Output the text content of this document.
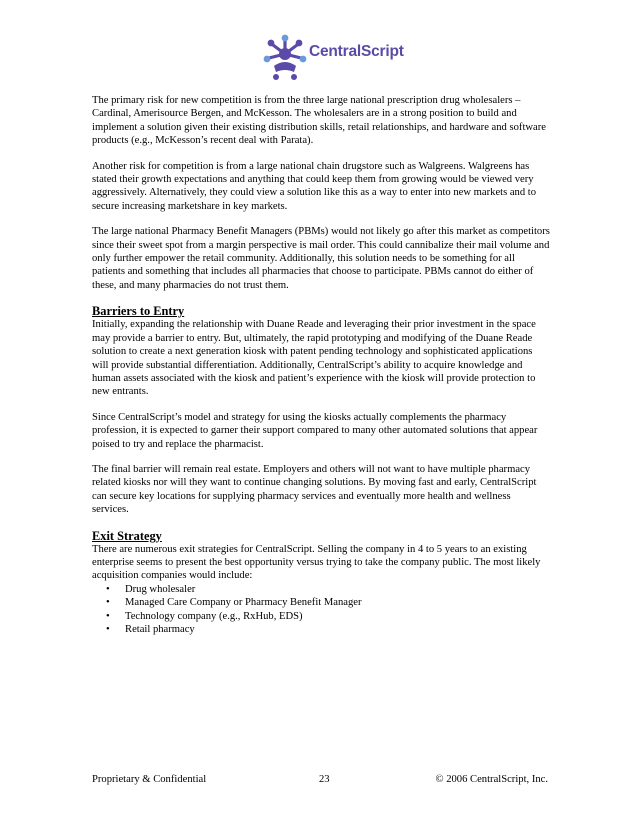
CentralScript

The primary risk for new competition is from the three large national prescription drug wholesalers – Cardinal, Amerisource Bergen, and McKesson. The wholesalers are in a strong position to build and implement a solution given their existing distribution skills, retail relationships, and hardware and software products (e.g., McKesson’s recent deal with Parata).

Another risk for competition is from a large national chain drugstore such as Walgreens. Walgreens has stated their growth expectations and anything that could keep them from growing would be viewed very aggressively. Alternatively, they could view a solution like this as a way to enter into new markets and to secure increasing marketshare in key markets.

The large national Pharmacy Benefit Managers (PBMs) would not likely go after this market as competitors since their sweet spot from a margin perspective is mail order. This could cannibalize their mail volume and only further empower the retail community. Additionally, this solution needs to be something for all patients and something that includes all pharmacies that choose to participate. PBMs cannot do either of these, and many pharmacies do not trust them.

Barriers to Entry

Initially, expanding the relationship with Duane Reade and leveraging their prior investment in the space may provide a barrier to entry. But, ultimately, the rapid prototyping and modifying of the Duane Reade solution to create a next generation kiosk with patent pending technology and sophisticated applications will provide substantial differentiation. Additionally, CentralScript’s ability to acquire knowledge and human assets associated with the kiosk and patient’s experience with the kiosk will provide protection to new entrants.

Since CentralScript’s model and strategy for using the kiosks actually complements the pharmacy profession, it is expected to garner their support compared to many other automated solutions that appear poised to try and replace the pharmacist.

The final barrier will remain real estate. Employers and others will not want to have multiple pharmacy related kiosks nor will they want to continue changing solutions. By moving fast and early, CentralScript can secure key locations for supplying pharmacy services and eventually more health and wellness services.

Exit Strategy
There are numerous exit strategies for CentralScript. Selling the company in 4 to 5 years to an existing enterprise seems to present the best opportunity versus trying to take the company public. The most likely acquisition companies would include:
• Drug wholesaler
• Managed Care Company or Pharmacy Benefit Manager
• Technology company (e.g., RxHub, EDS)
• Retail pharmacy
Proprietary & Confidential	23	© 2006 CentralScript, Inc.
